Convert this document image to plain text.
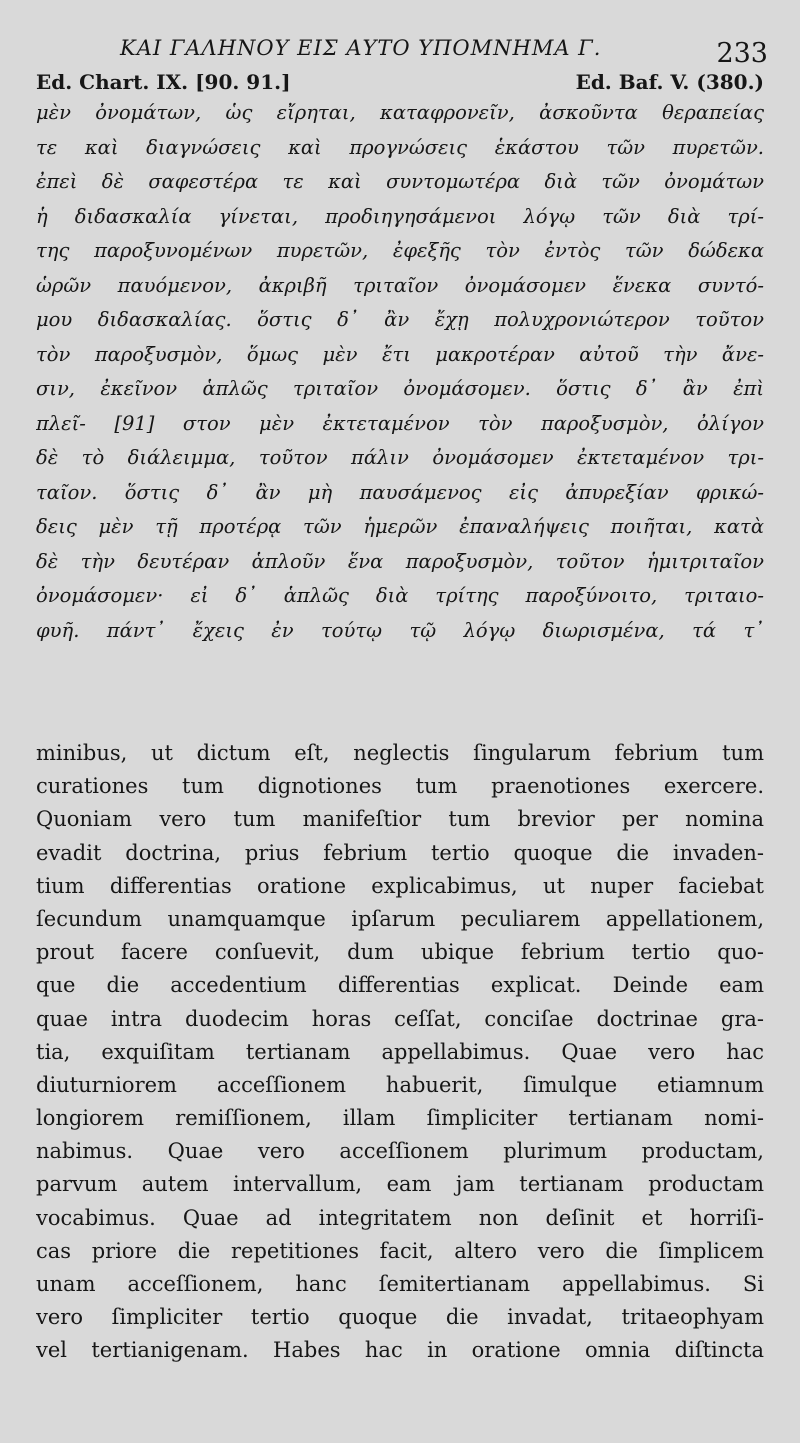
ΚΑΙ ΓΑΛΗΝΟΥ ΕΙΣ ΑΥΤΟ ΥΠΟΜΝΗΜΑ Γ.	233
Ed. Chart. IX. [90. 91.]	Ed. Baf. V. (380.)
μὲν ὀνομάτων, ὡς εἴρηται, καταφρονεῖν, ἀσκοῦντα θεραπείας
τε καὶ διαγνώσεις καὶ προγνώσεις ἑκάστου τῶν πυρετῶν.
ἐπεὶ δὲ σαφεστέρα τε καὶ συντομωτέρα διὰ τῶν ὀνομάτων
ἡ διδασκαλία γίνεται, προδιηγησάμενοι λόγῳ τῶν διὰ τρί-
της παροξυνομένων πυρετῶν, ἐφεξῆς τὸν ἐντὸς τῶν δώδεκα
ὡρῶν παυόμενον, ἀκριβῆ τριταῖον ὀνομάσομεν ἕνεκα συντό-
μου διδασκαλίας. ὅστις δ᾽ ἂν ἔχῃ πολυχρονιώτερον τοῦτον
τὸν παροξυσμὸν, ὅμως μὲν ἔτι μακροτέραν αὐτοῦ τὴν ἄνε-
σιν, ἐκεῖνον ἁπλῶς τριταῖον ὀνομάσομεν. ὅστις δ᾽ ἂν ἐπὶ
πλεῖ- [91] στον μὲν ἐκτεταμένον τὸν παροξυσμὸν, ὀλίγον
δὲ τὸ διάλειμμα, τοῦτον πάλιν ὀνομάσομεν ἐκτεταμένον τρι-
ταῖον. ὅστις δ᾽ ἂν μὴ παυσάμενος εἰς ἀπυρεξίαν φρικώ-
δεις μὲν τῇ προτέρᾳ τῶν ἡμερῶν ἐπαναλήψεις ποιῆται, κατὰ
δὲ τὴν δευτέραν ἁπλοῦν ἕνα παροξυσμὸν, τοῦτον ἡμιτριταῖον
ὀνομάσομεν· εἰ δ᾽ ἁπλῶς διὰ τρίτης παροξύνοιτο, τριταιο-
φυῆ. πάντ᾽ ἔχεις ἐν τούτῳ τῷ λόγῳ διωρισμένα, τά τ᾽
minibus, ut dictum eſt, neglectis ſingularum febrium tum
curationes tum dignotiones tum praenotiones exercere.
Quoniam vero tum manifeſtior tum brevior per nomina
evadit doctrina, prius febrium tertio quoque die invaden-
tium differentias oratione explicabimus, ut nuper faciebat
ſecundum unamquamque ipſarum peculiarem appellationem,
prout facere conſuevit, dum ubique febrium tertio quo-
que die accedentium differentias explicat. Deinde eam
quae intra duodecim horas ceſſat, conciſae doctrinae gra-
tia, exquiſitam tertianam appellabimus. Quae vero hac
diuturniorem acceſſionem habuerit, ſimulque etiamnum
longiorem remiſſionem, illam ſimpliciter tertianam nomi-
nabimus. Quae vero acceſſionem plurimum productam,
parvum autem intervallum, eam jam tertianam productam
vocabimus. Quae ad integritatem non deſinit et horriſi-
cas priore die repetitiones facit, altero vero die ſimplicem
unam acceſſionem, hanc ſemitertianam appellabimus. Si
vero ſimpliciter tertio quoque die invadat, tritaeophyam
vel tertianigenam. Habes hac in oratione omnia diſtincta
